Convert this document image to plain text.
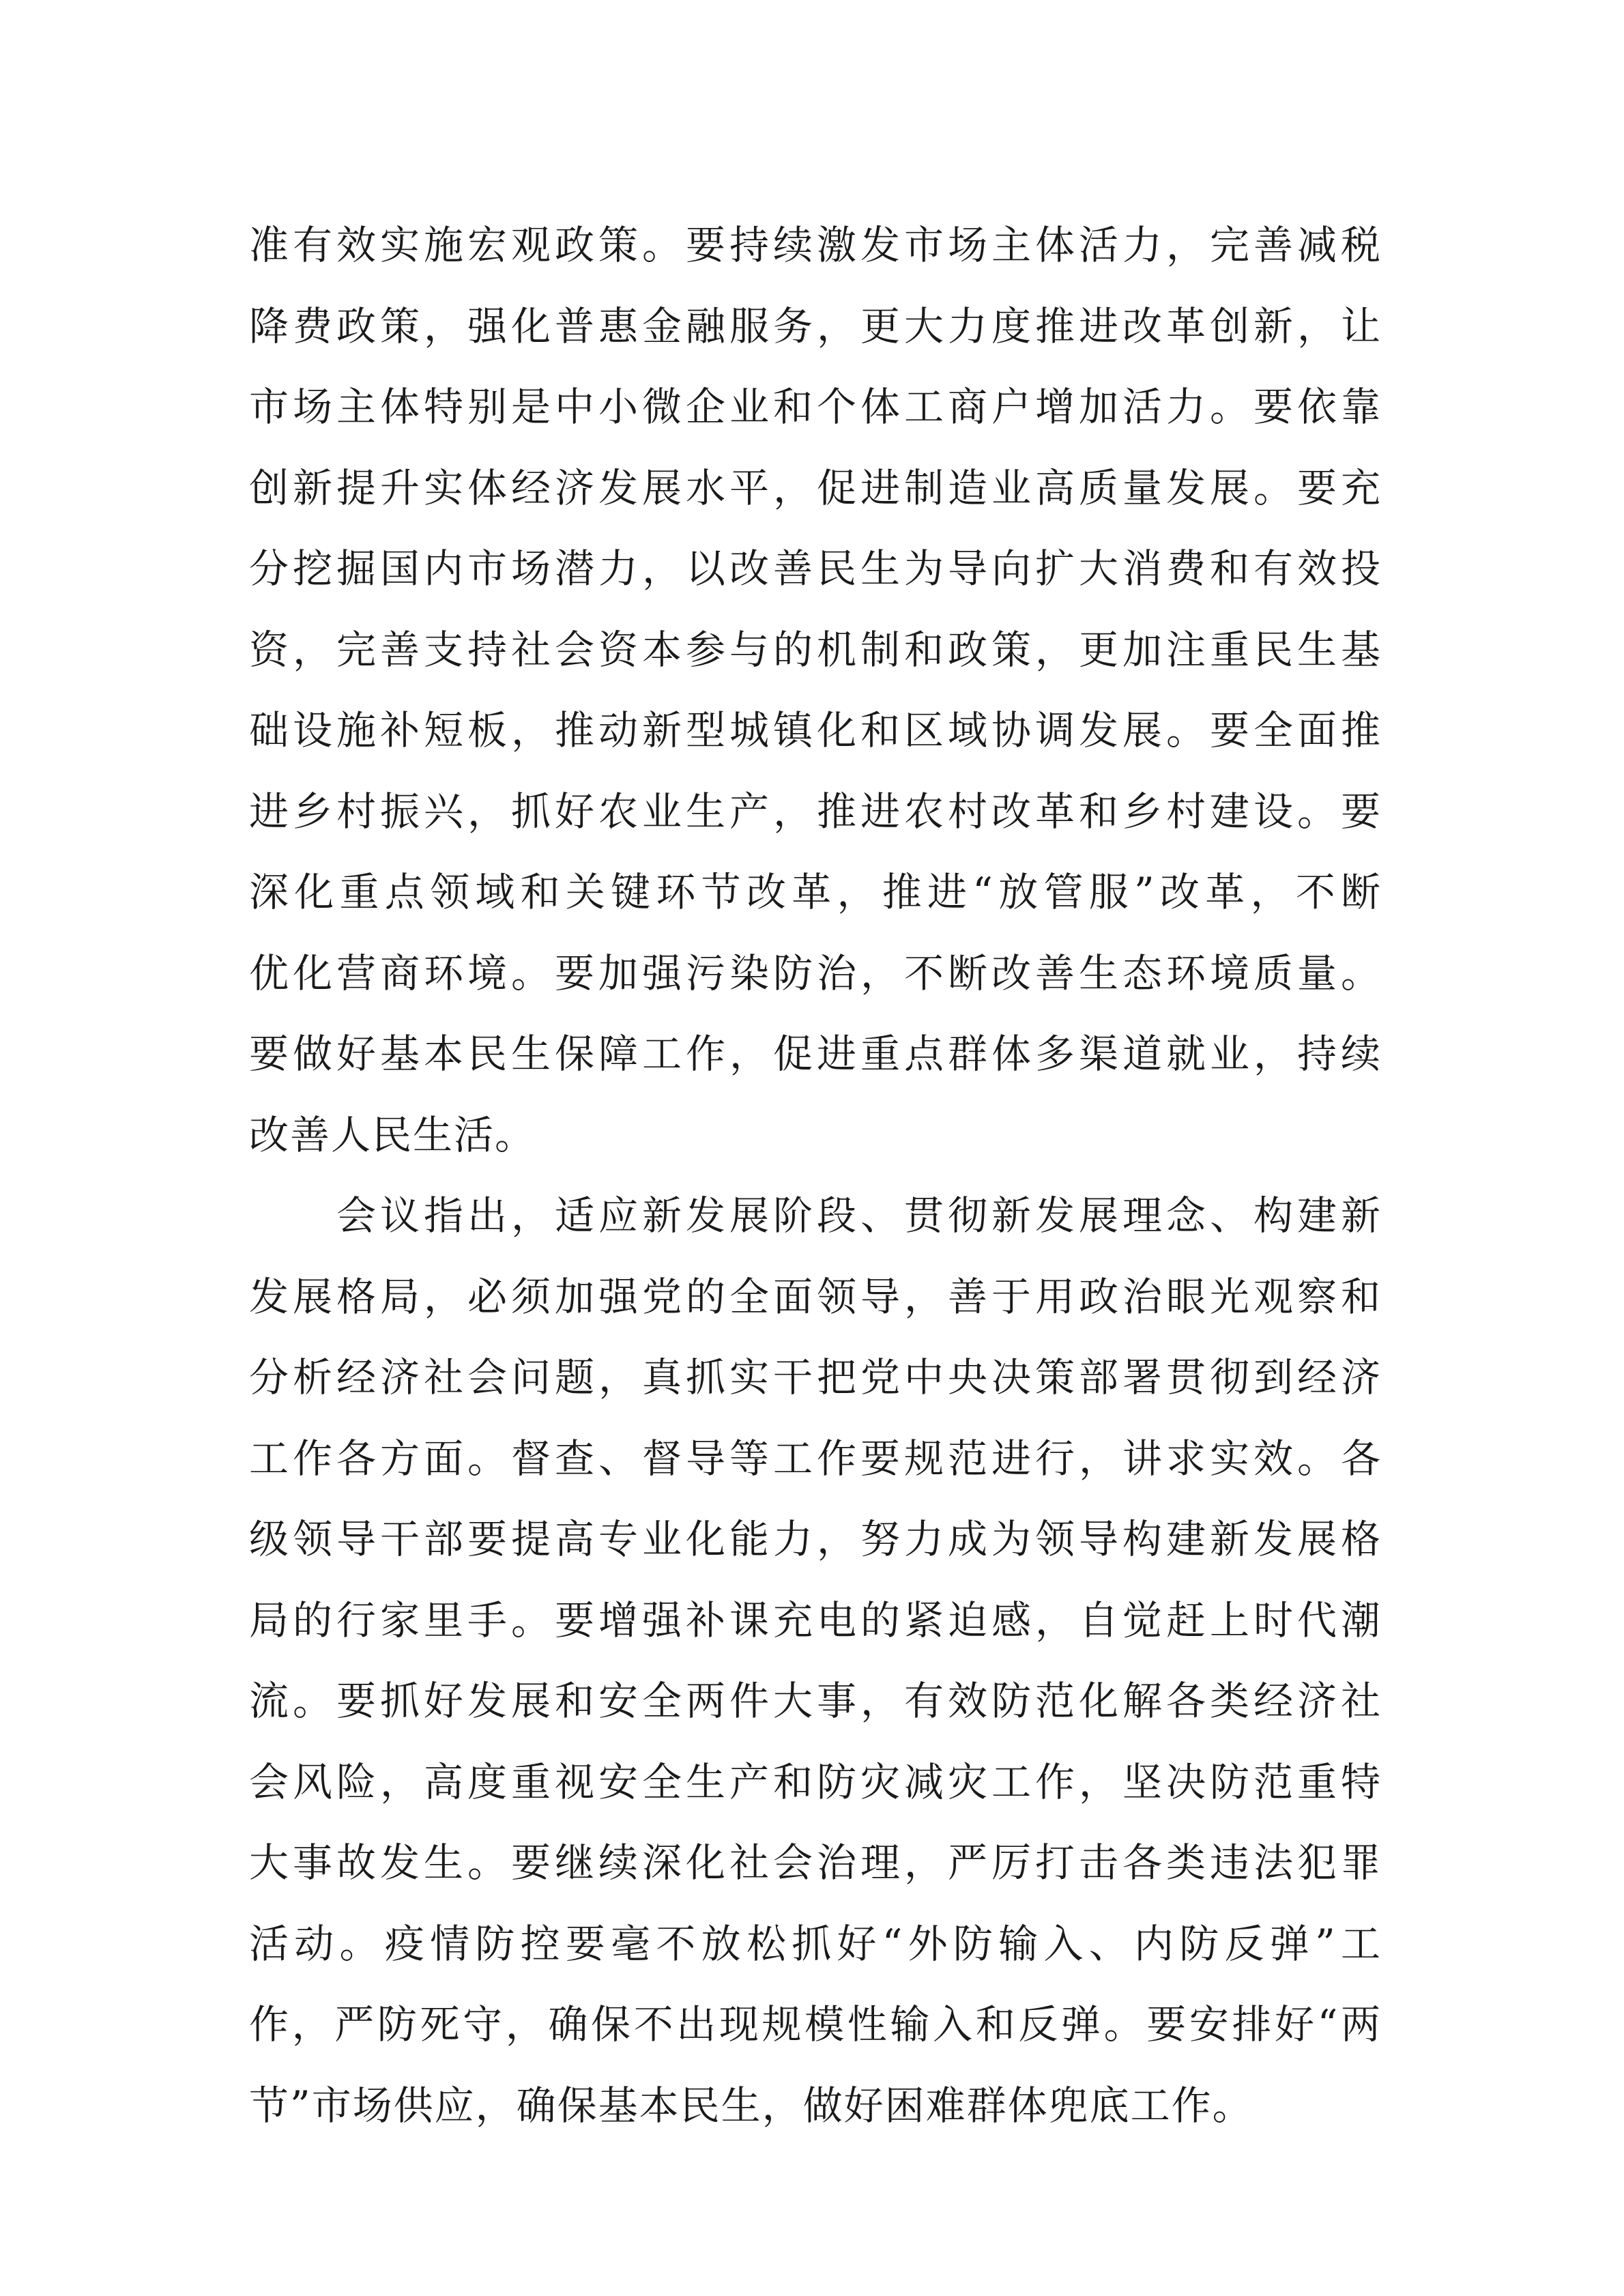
准有效实施宏观政策。要持续激发市场主体活力，完善减税
降费政策，强化普惠金融服务，更大力度推进改革创新，让
市场主体特别是中小微企业和个体工商户增加活力。要依靠
创新提升实体经济发展水平，促进制造业高质量发展。要充
分挖掘国内市场潜力，以改善民生为导向扩大消费和有效投
资，完善支持社会资本参与的机制和政策，更加注重民生基
础设施补短板，推动新型城镇化和区域协调发展。要全面推
进乡村振兴，抓好农业生产，推进农村改革和乡村建设。要
深化重点领域和关键环节改革，推进“放管服”改革，不断
优化营商环境。要加强污染防治，不断改善生态环境质量。
要做好基本民生保障工作，促进重点群体多渠道就业，持续
改善人民生活。

会议指出，适应新发展阶段、贯彻新发展理念、构建新
发展格局，必须加强党的全面领导，善于用政治眼光观察和
分析经济社会问题，真抓实干把党中央决策部署贯彻到经济
工作各方面。督查、督导等工作要规范进行，讲求实效。各
级领导干部要提高专业化能力，努力成为领导构建新发展格
局的行家里手。要增强补课充电的紧迫感，自觉赶上时代潮
流。要抓好发展和安全两件大事，有效防范化解各类经济社
会风险，高度重视安全生产和防灾减灾工作，坚决防范重特
大事故发生。要继续深化社会治理，严厉打击各类违法犯罪
活动。疫情防控要毫不放松抓好“外防输入、内防反弹”工
作，严防死守，确保不出现规模性输入和反弹。要安排好“两
节”市场供应，确保基本民生，做好困难群体兜底工作。
